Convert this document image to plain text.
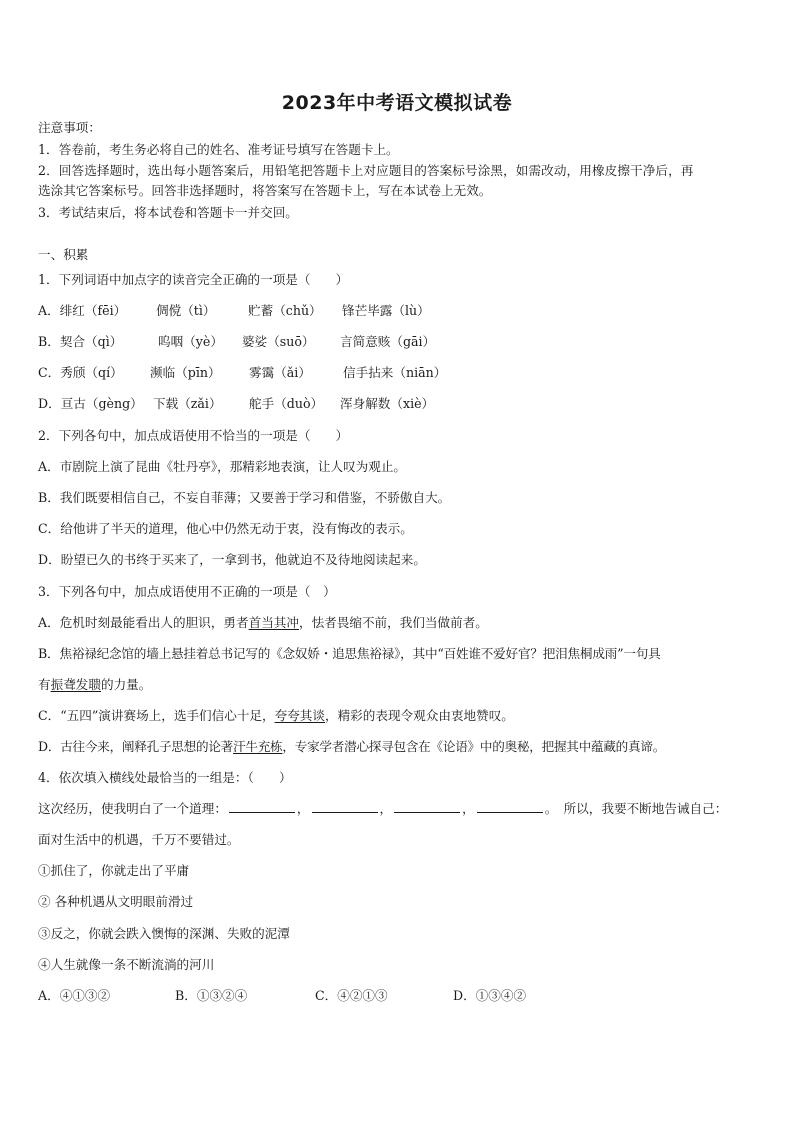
2023年中考语文模拟试卷
注意事项：
1．答卷前，考生务必将自己的姓名、准考证号填写在答题卡上。
2．回答选择题时，选出每小题答案后，用铅笔把答题卡上对应题目的答案标号涂黑，如需改动，用橡皮擦干净后，再
选涂其它答案标号。回答非选择题时，将答案写在答题卡上，写在本试卷上无效。
3．考试结束后，将本试卷和答题卡一并交回。
一、积累
1．下列词语中加点字的读音完全正确的一项是（　　）
A．绯红（fēi） 倜傥（tì）	贮蓄（chǔ） 锋芒毕露（lù）
B．契合（qì）	呜咽（yè） 婆娑（suō） 言简意赅（gāi）
C．秀颀（qí） 濒临（pīn） 雾霭（ǎi）	信手拈来（niān）
D．亘古（gèng） 下载（zǎi） 舵手（duò） 浑身解数（xiè）
2．下列各句中，加点成语使用不恰当的一项是（　　）
A．市剧院上演了昆曲《牡丹亭》，那精彩地表演，让人叹为观止。
B．我们既要相信自己，不妄自菲薄；又要善于学习和借鉴，不骄傲自大。
C．给他讲了半天的道理，他心中仍然无动于衷，没有悔改的表示。
D．盼望已久的书终于买来了，一拿到书，他就迫不及待地阅读起来。
3．下列各句中，加点成语使用不正确的一项是（　）
A．危机时刻最能看出人的胆识，勇者首当其冲，怯者畏缩不前，我们当做前者。
B．焦裕禄纪念馆的墙上悬挂着总书记写的《念奴娇・追思焦裕禄》，其中“百姓谁不爱好官？把泪焦桐成雨”一句具
有振聋发聩的力量。
C．“五四”演讲赛场上，选手们信心十足，夸夸其谈，精彩的表现令观众由衷地赞叹。
D．古往今来，阐释孔子思想的论著汗牛充栋，专家学者潜心探寻包含在《论语》中的奥秘，把握其中蕴藏的真谛。
4．依次填入横线处最恰当的一组是：（　　）
这次经历，使我明白了一个道理：	，	，	，	。　所以，我要不断地告诫自己：
面对生活中的机遇，千万不要错过。
①抓住了，你就走出了平庸
② 各种机遇从文明眼前滑过
③反之，你就会跌入懊悔的深渊、失败的泥潭
④人生就像一条不断流淌的河川
A．④①③②	B．①③②④	C．④②①③	D．①③④②
